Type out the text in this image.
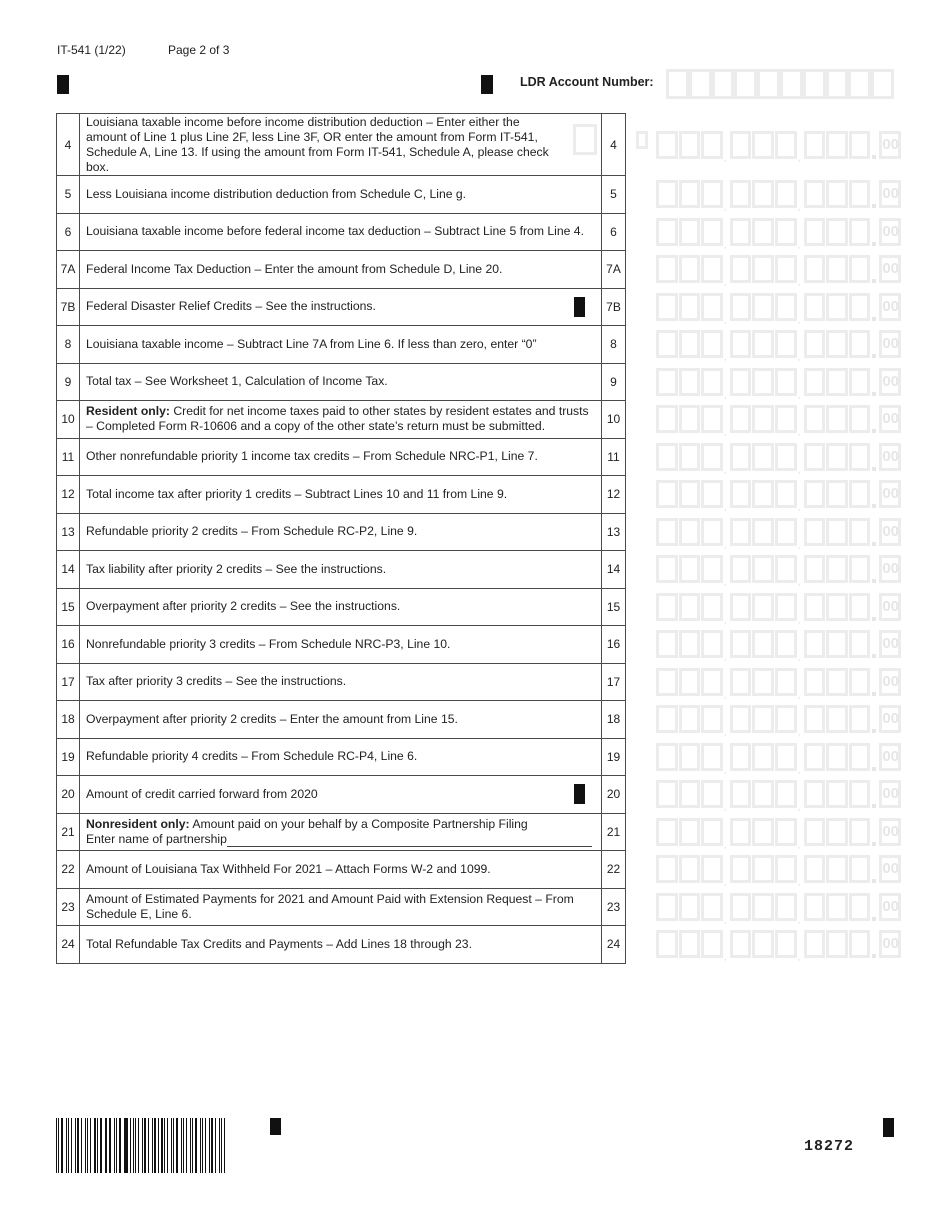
IT-541 (1/22)	Page 2 of 3
LDR Account Number:
4	Louisiana taxable income before income distribution deduction – Enter either the amount of Line 1 plus Line 2F, less Line 3F, OR enter the amount from Form IT-541, Schedule A, Line 13. If using the amount from Form IT-541, Schedule A, please check box.	4
5	Less Louisiana income distribution deduction from Schedule C, Line g.	5
6	Louisiana taxable income before federal income tax deduction – Subtract Line 5 from Line 4.	6
7A	Federal Income Tax Deduction – Enter the amount from Schedule D, Line 20.	7A
7B	Federal Disaster Relief Credits – See the instructions.	7B
8	Louisiana taxable income – Subtract Line 7A from Line 6. If less than zero, enter “0”	8
9	Total tax – See Worksheet 1, Calculation of Income Tax.	9
10	Resident only: Credit for net income taxes paid to other states by resident estates and trusts – Completed Form R-10606 and a copy of the other state’s return must be submitted.	10
11	Other nonrefundable priority 1 income tax credits – From Schedule NRC-P1, Line 7.	11
12	Total income tax after priority 1 credits – Subtract Lines 10 and 11 from Line 9.	12
13	Refundable priority 2 credits – From Schedule RC-P2, Line 9.	13
14	Tax liability after priority 2 credits – See the instructions.	14
15	Overpayment after priority 2 credits – See the instructions.	15
16	Nonrefundable priority 3 credits – From Schedule NRC-P3, Line 10.	16
17	Tax after priority 3 credits – See the instructions.	17
18	Overpayment after priority 2 credits – Enter the amount from Line 15.	18
19	Refundable priority 4 credits – From Schedule RC-P4, Line 6.	19
20	Amount of credit carried forward from 2020	20
21	Nonresident only: Amount paid on your behalf by a Composite Partnership Filing
Enter name of partnership	21
22	Amount of Louisiana Tax Withheld For 2021 – Attach Forms W-2 and 1099.	22
23	Amount of Estimated Payments for 2021 and Amount Paid with Extension Request – From Schedule E, Line 6.	23
24	Total Refundable Tax Credits and Payments – Add Lines 18 through 23.	24
,	,
00
,	,
00
,	,
00
,	,
00
,	,
00
,	,
00
,	,
00
,	,
00
,	,
00
,	,
00
,	,
00
,	,
00
,	,
00
,	,
00
,	,
00
,	,
00
,	,
00
,	,
00
,	,
00
,	,
00
,	,
00
,	,
00
18272
